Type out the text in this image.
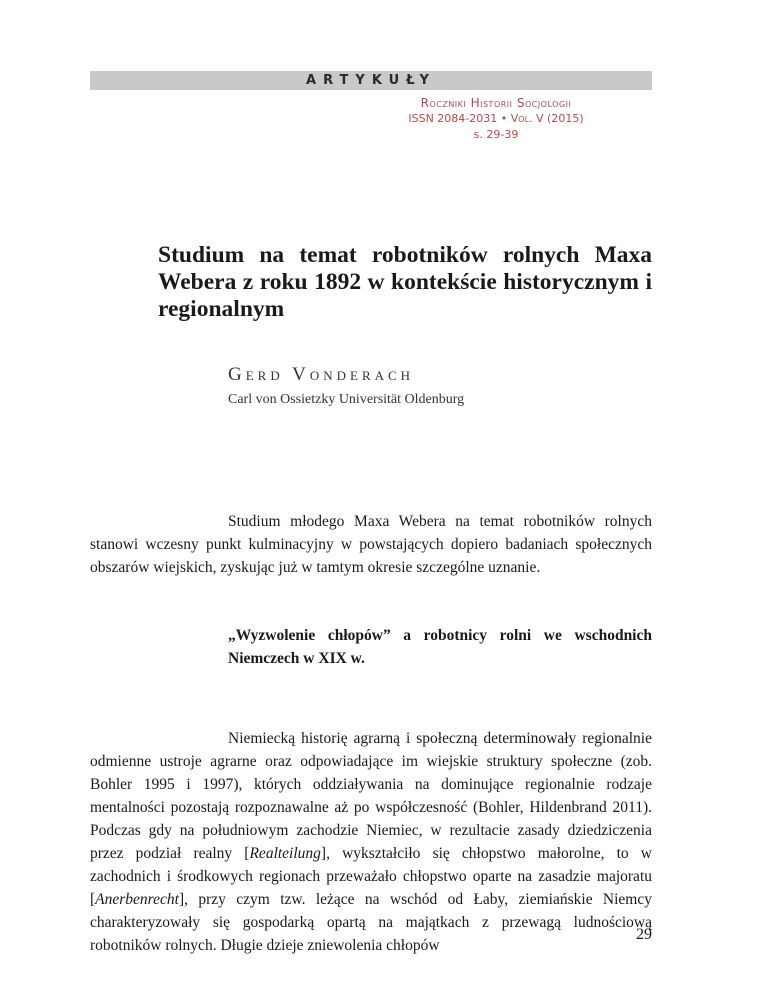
ARTYKUŁY
Roczniki Historii Socjologii
ISSN 2084-2031 • Vol. V (2015)
s. 29-39
Studium na temat robotników rolnych Maxa Webera z roku 1892 w kontekście historycznym i regionalnym
Gerd Vonderach
Carl von Ossietzky Universität Oldenburg

Studium młodego Maxa Webera na temat robotników rolnych stanowi wczesny punkt kulminacyjny w powstających dopiero badaniach społecznych obszarów wiejskich, zyskując już w tamtym okresie szczególne uznanie.

„Wyzwolenie chłopów” a robotnicy rolni we wschodnich Niemczech w XIX w.

Niemiecką historię agrarną i społeczną determinowały regionalnie odmienne ustroje agrarne oraz odpowiadające im wiejskie struktury społeczne (zob. Bohler 1995 i 1997), których oddziaływania na dominujące regionalnie rodzaje mentalności pozostają rozpoznawalne aż po współczesność (Bohler, Hildenbrand 2011). Podczas gdy na południowym zachodzie Niemiec, w rezultacie zasady dziedziczenia przez podział realny [Realteilung], wykształciło się chłopstwo małorolne, to w zachodnich i środkowych regionach przeważało chłopstwo oparte na zasadzie majoratu [Anerbenrecht], przy czym tzw. leżące na wschód od Łaby, ziemiańskie Niemcy charakteryzowały się gospodarką opartą na majątkach z przewagą ludnościową robotników rolnych. Długie dzieje zniewolenia chłopów

29
